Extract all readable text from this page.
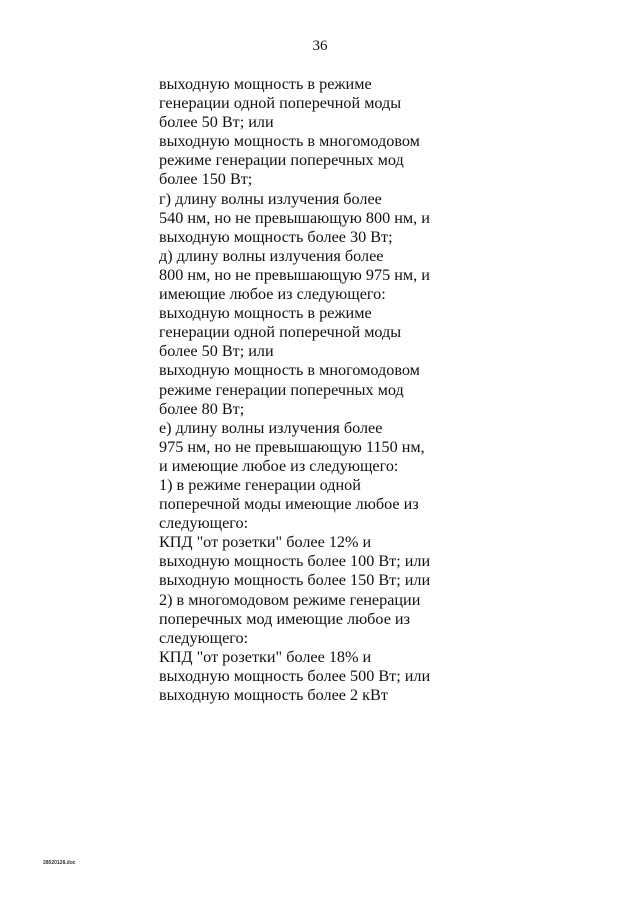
36
выходную мощность в режиме
генерации одной поперечной моды
более 50 Вт; или
выходную мощность в многомодовом
режиме генерации поперечных мод
более 150 Вт;
г) длину волны излучения более
540 нм, но не превышающую 800 нм, и
выходную мощность более 30 Вт;
д) длину волны излучения более
800 нм, но не превышающую 975 нм, и
имеющие любое из следующего:
выходную мощность в режиме
генерации одной поперечной моды
более 50 Вт; или
выходную мощность в многомодовом
режиме генерации поперечных мод
более 80 Вт;
е) длину волны излучения более
975 нм, но не превышающую 1150 нм,
и имеющие любое из следующего:
1) в режиме генерации одной
поперечной моды имеющие любое из
следующего:
КПД "от розетки" более 12% и
выходную мощность более 100 Вт; или
выходную мощность более 150 Вт; или
2) в многомодовом режиме генерации
поперечных мод имеющие любое из
следующего:
КПД "от розетки" более 18% и
выходную мощность более 500 Вт; или
выходную мощность более 2 кВт
28020128.doc
